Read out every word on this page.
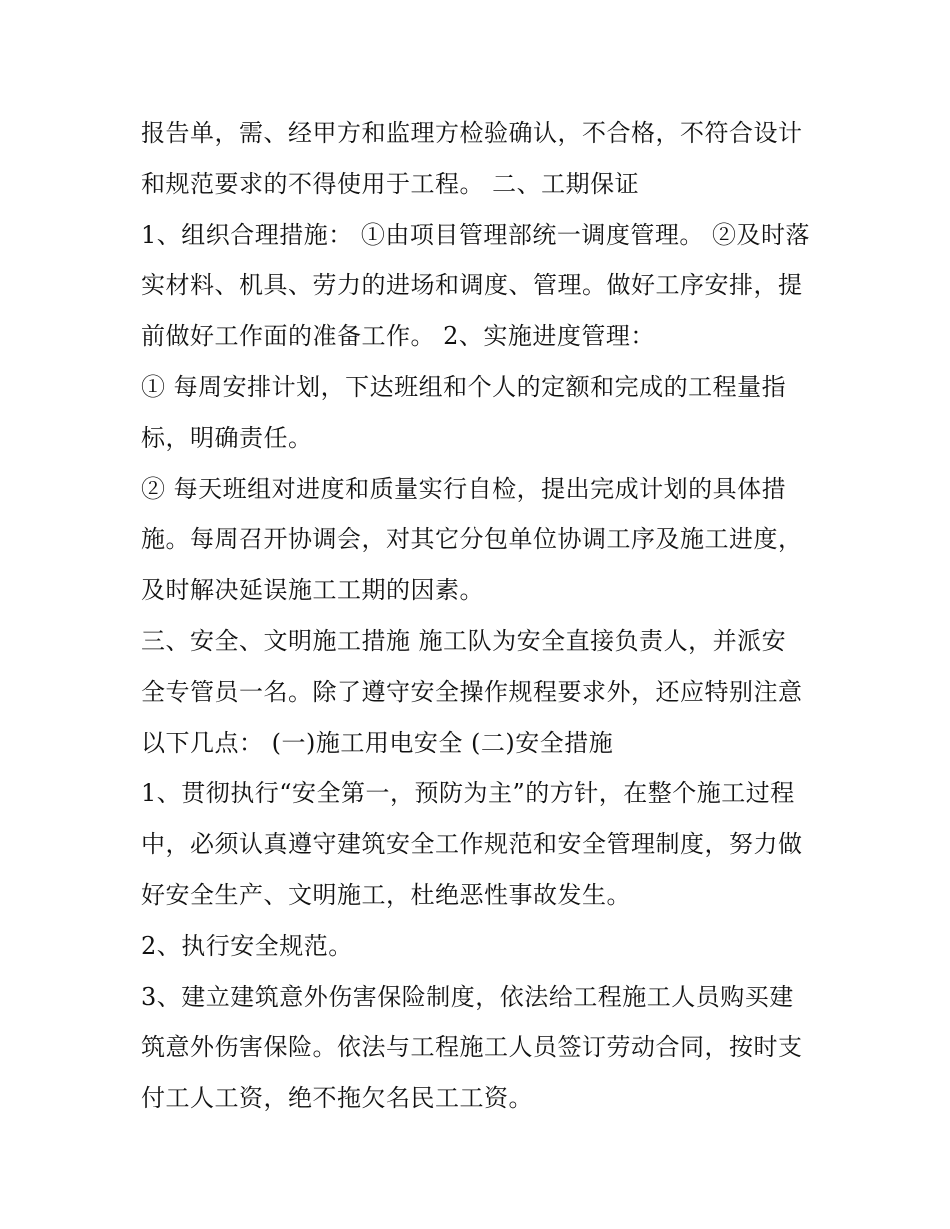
报告单，需、经甲方和监理方检验确认，不合格，不符合设计
和规范要求的不得使用于工程。 二、工期保证
1、组织合理措施： ①由项目管理部统一调度管理。 ②及时落
实材料、机具、劳力的进场和调度、管理。做好工序安排，提
前做好工作面的准备工作。 2、实施进度管理：
① 每周安排计划，下达班组和个人的定额和完成的工程量指
标，明确责任。
② 每天班组对进度和质量实行自检，提出完成计划的具体措
施。每周召开协调会，对其它分包单位协调工序及施工进度，
及时解决延误施工工期的因素。
三、安全、文明施工措施 施工队为安全直接负责人，并派安
全专管员一名。除了遵守安全操作规程要求外，还应特别注意
以下几点： (一)施工用电安全 (二)安全措施
1、贯彻执行“安全第一，预防为主”的方针，在整个施工过程
中，必须认真遵守建筑安全工作规范和安全管理制度，努力做
好安全生产、文明施工，杜绝恶性事故发生。
2、执行安全规范。
3、建立建筑意外伤害保险制度，依法给工程施工人员购买建
筑意外伤害保险。依法与工程施工人员签订劳动合同，按时支
付工人工资，绝不拖欠名民工工资。
